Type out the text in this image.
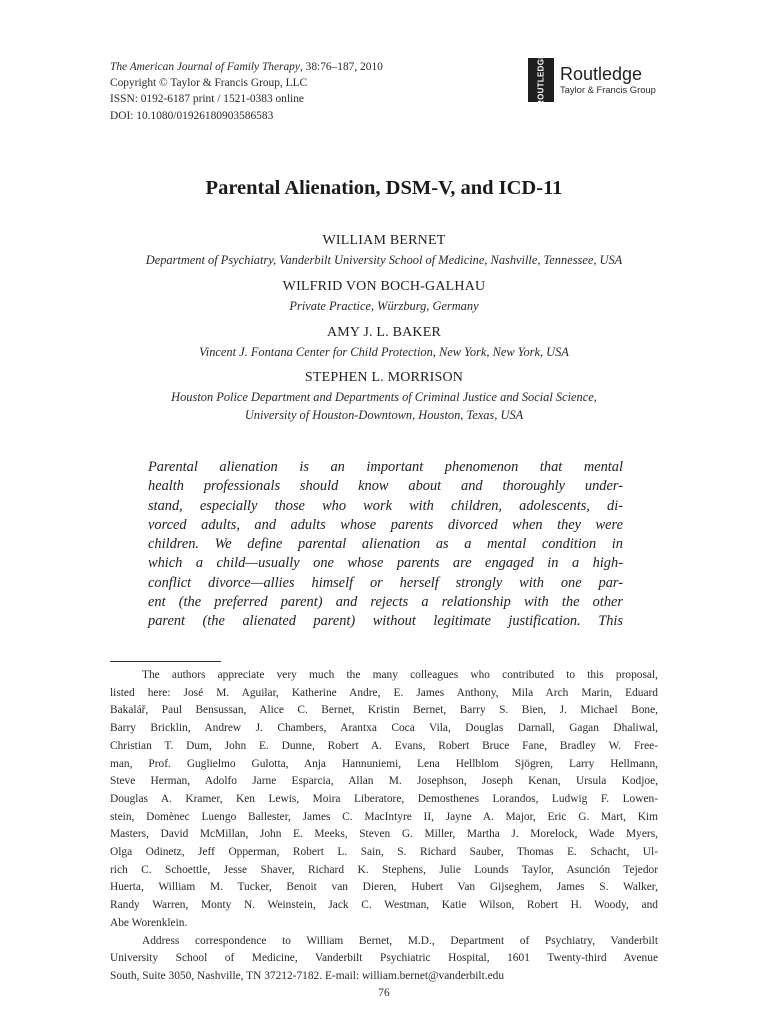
The American Journal of Family Therapy, 38:76–187, 2010
Copyright © Taylor & Francis Group, LLC
ISSN: 0192-6187 print / 1521-0383 online
DOI: 10.1080/01926180903586583
ROUTLEDGE Routledge
Taylor & Francis Group
Parental Alienation, DSM-V, and ICD-11
WILLIAM BERNET
Department of Psychiatry, Vanderbilt University School of Medicine, Nashville, Tennessee, USA
WILFRID VON BOCH-GALHAU
Private Practice, Würzburg, Germany
AMY J. L. BAKER
Vincent J. Fontana Center for Child Protection, New York, New York, USA
STEPHEN L. MORRISON
Houston Police Department and Departments of Criminal Justice and Social Science,
University of Houston-Downtown, Houston, Texas, USA
Parental alienation is an important phenomenon that mental
health professionals should know about and thoroughly under-
stand, especially those who work with children, adolescents, di-
vorced adults, and adults whose parents divorced when they were
children. We define parental alienation as a mental condition in
which a child—usually one whose parents are engaged in a high-
conflict divorce—allies himself or herself strongly with one par-
ent (the preferred parent) and rejects a relationship with the other
parent (the alienated parent) without legitimate justification. This
The authors appreciate very much the many colleagues who contributed to this proposal,
listed here: José M. Aguilar, Katherine Andre, E. James Anthony, Mila Arch Marin, Eduard
Bakalář, Paul Bensussan, Alice C. Bernet, Kristin Bernet, Barry S. Bien, J. Michael Bone,
Barry Bricklin, Andrew J. Chambers, Arantxa Coca Vila, Douglas Darnall, Gagan Dhaliwal,
Christian T. Dum, John E. Dunne, Robert A. Evans, Robert Bruce Fane, Bradley W. Free-
man, Prof. Guglielmo Gulotta, Anja Hannuniemi, Lena Hellblom Sjögren, Larry Hellmann,
Steve Herman, Adolfo Jarne Esparcia, Allan M. Josephson, Joseph Kenan, Ursula Kodjoe,
Douglas A. Kramer, Ken Lewis, Moira Liberatore, Demosthenes Lorandos, Ludwig F. Lowen-
stein, Domènec Luengo Ballester, James C. MacIntyre II, Jayne A. Major, Eric G. Mart, Kim
Masters, David McMillan, John E. Meeks, Steven G. Miller, Martha J. Morelock, Wade Myers,
Olga Odinetz, Jeff Opperman, Robert L. Sain, S. Richard Sauber, Thomas E. Schacht, Ul-
rich C. Schoettle, Jesse Shaver, Richard K. Stephens, Julie Lounds Taylor, Asunción Tejedor
Huerta, William M. Tucker, Benoit van Dieren, Hubert Van Gijseghem, James S. Walker,
Randy Warren, Monty N. Weinstein, Jack C. Westman, Katie Wilson, Robert H. Woody, and
Abe Worenklein.
Address correspondence to William Bernet, M.D., Department of Psychiatry, Vanderbilt
University School of Medicine, Vanderbilt Psychiatric Hospital, 1601 Twenty-third Avenue
South, Suite 3050, Nashville, TN 37212-7182. E-mail: william.bernet@vanderbilt.edu
76
